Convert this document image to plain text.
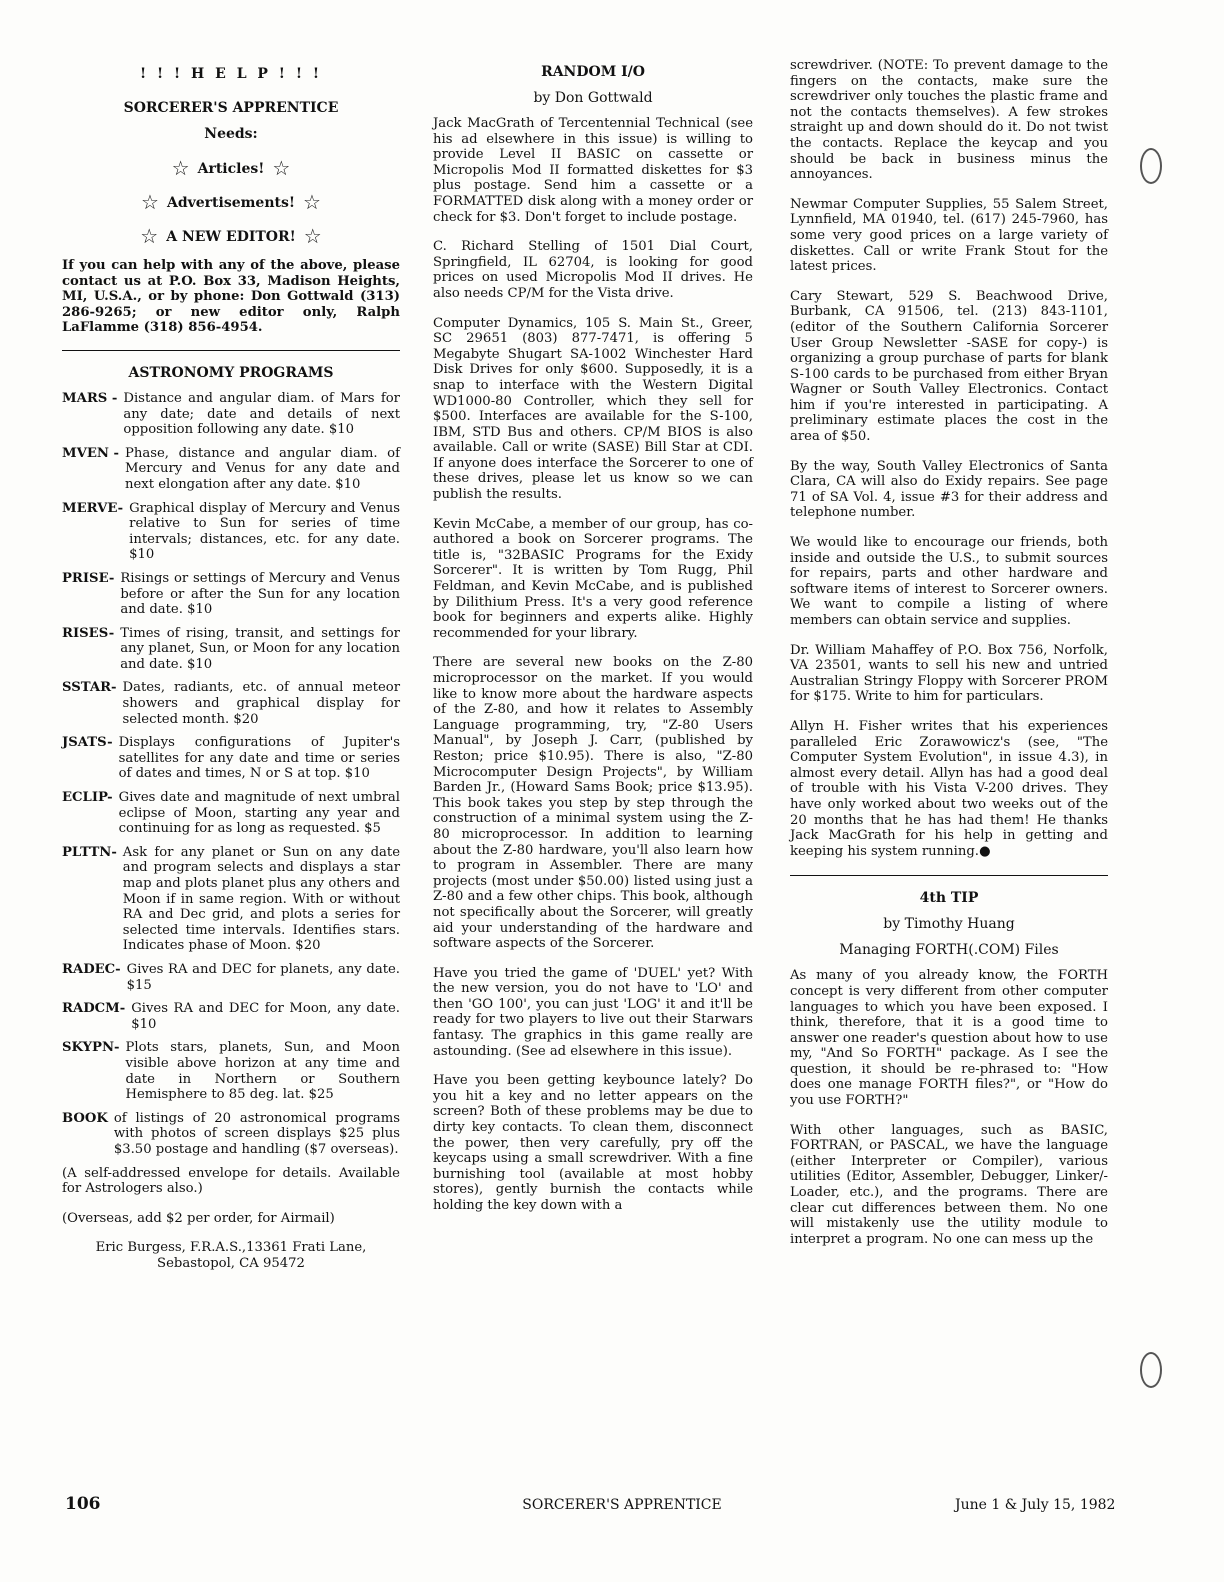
! ! ! H E L P ! ! !
SORCERER'S APPRENTICE
Needs:
☆ Articles! ☆
☆ Advertisements! ☆
☆ A NEW EDITOR! ☆

If you can help with any of the above, please contact us at P.O. Box 33, Madison Heights, MI, U.S.A., or by phone: Don Gottwald (313) 286-9265; or new editor only, Ralph LaFlamme (318) 856-4954.

ASTRONOMY PROGRAMS
MARS - Distance and angular diam. of Mars for any date; date and details of next opposition following any date. $10
MVEN - Phase, distance and angular diam. of Mercury and Venus for any date and next elongation after any date. $10
MERVE- Graphical display of Mercury and Venus relative to Sun for series of time intervals; distances, etc. for any date. $10
PRISE- Risings or settings of Mercury and Venus before or after the Sun for any location and date. $10
RISES- Times of rising, transit, and settings for any planet, Sun, or Moon for any location and date. $10
SSTAR- Dates, radiants, etc. of annual meteor showers and graphical display for selected month. $20
JSATS- Displays configurations of Jupiter's satellites for any date and time or series of dates and times, N or S at top. $10
ECLIP- Gives date and magnitude of next umbral eclipse of Moon, starting any year and continuing for as long as requested. $5
PLTTN- Ask for any planet or Sun on any date and program selects and displays a star map and plots planet plus any others and Moon if in same region. With or without RA and Dec grid, and plots a series for selected time intervals. Identifies stars. Indicates phase of Moon. $20
RADEC- Gives RA and DEC for planets, any date. $15
RADCM- Gives RA and DEC for Moon, any date. $10
SKYPN- Plots stars, planets, Sun, and Moon visible above horizon at any time and date in Northern or Southern Hemisphere to 85 deg. lat. $25
BOOK of listings of 20 astronomical programs with photos of screen displays $25 plus $3.50 postage and handling ($7 overseas).

(A self-addressed envelope for details. Available for Astrologers also.)

(Overseas, add $2 per order, for Airmail)

Eric Burgess, F.R.A.S.,13361 Frati Lane, Sebastopol, CA 95472

RANDOM I/O
by Don Gottwald

Jack MacGrath of Tercentennial Technical (see his ad elsewhere in this issue) is willing to provide Level II BASIC on cassette or Micropolis Mod II formatted diskettes for $3 plus postage. Send him a cassette or a FORMATTED disk along with a money order or check for $3. Don't forget to include postage.

C. Richard Stelling of 1501 Dial Court, Springfield, IL 62704, is looking for good prices on used Micropolis Mod II drives. He also needs CP/M for the Vista drive.

Computer Dynamics, 105 S. Main St., Greer, SC 29651 (803) 877-7471, is offering 5 Megabyte Shugart SA-1002 Winchester Hard Disk Drives for only $600. Supposedly, it is a snap to interface with the Western Digital WD1000-80 Controller, which they sell for $500. Interfaces are available for the S-100, IBM, STD Bus and others. CP/M BIOS is also available. Call or write (SASE) Bill Star at CDI. If anyone does interface the Sorcerer to one of these drives, please let us know so we can publish the results.

Kevin McCabe, a member of our group, has co-authored a book on Sorcerer programs. The title is, "32BASIC Programs for the Exidy Sorcerer". It is written by Tom Rugg, Phil Feldman, and Kevin McCabe, and is published by Dilithium Press. It's a very good reference book for beginners and experts alike. Highly recommended for your library.

There are several new books on the Z-80 microprocessor on the market. If you would like to know more about the hardware aspects of the Z-80, and how it relates to Assembly Language programming, try, "Z-80 Users Manual", by Joseph J. Carr, (published by Reston; price $10.95). There is also, "Z-80 Microcomputer Design Projects", by William Barden Jr., (Howard Sams Book; price $13.95). This book takes you step by step through the construction of a minimal system using the Z-80 microprocessor. In addition to learning about the Z-80 hardware, you'll also learn how to program in Assembler. There are many projects (most under $50.00) listed using just a Z-80 and a few other chips. This book, although not specifically about the Sorcerer, will greatly aid your understanding of the hardware and software aspects of the Sorcerer.

Have you tried the game of 'DUEL' yet? With the new version, you do not have to 'LO' and then 'GO 100', you can just 'LOG' it and it'll be ready for two players to live out their Starwars fantasy. The graphics in this game really are astounding. (See ad elsewhere in this issue).

Have you been getting keybounce lately? Do you hit a key and no letter appears on the screen? Both of these problems may be due to dirty key contacts. To clean them, disconnect the power, then very carefully, pry off the keycaps using a small screwdriver. With a fine burnishing tool (available at most hobby stores), gently burnish the contacts while holding the key down with a

screwdriver. (NOTE: To prevent damage to the fingers on the contacts, make sure the screwdriver only touches the plastic frame and not the contacts themselves). A few strokes straight up and down should do it. Do not twist the contacts. Replace the keycap and you should be back in business minus the annoyances.

Newmar Computer Supplies, 55 Salem Street, Lynnfield, MA 01940, tel. (617) 245-7960, has some very good prices on a large variety of diskettes. Call or write Frank Stout for the latest prices.

Cary Stewart, 529 S. Beachwood Drive, Burbank, CA 91506, tel. (213) 843-1101, (editor of the Southern California Sorcerer User Group Newsletter -SASE for copy-) is organizing a group purchase of parts for blank S-100 cards to be purchased from either Bryan Wagner or South Valley Electronics. Contact him if you're interested in participating. A preliminary estimate places the cost in the area of $50.

By the way, South Valley Electronics of Santa Clara, CA will also do Exidy repairs. See page 71 of SA Vol. 4, issue #3 for their address and telephone number.

We would like to encourage our friends, both inside and outside the U.S., to submit sources for repairs, parts and other hardware and software items of interest to Sorcerer owners. We want to compile a listing of where members can obtain service and supplies.

Dr. William Mahaffey of P.O. Box 756, Norfolk, VA 23501, wants to sell his new and untried Australian Stringy Floppy with Sorcerer PROM for $175. Write to him for particulars.

Allyn H. Fisher writes that his experiences paralleled Eric Zorawowicz's (see, "The Computer System Evolution", in issue 4.3), in almost every detail. Allyn has had a good deal of trouble with his Vista V-200 drives. They have only worked about two weeks out of the 20 months that he has had them! He thanks Jack MacGrath for his help in getting and keeping his system running.●

4th TIP
by Timothy Huang
Managing FORTH(.COM) Files

As many of you already know, the FORTH concept is very different from other computer languages to which you have been exposed. I think, therefore, that it is a good time to answer one reader's question about how to use my, "And So FORTH" package. As I see the question, it should be re-phrased to: "How does one manage FORTH files?", or "How do you use FORTH?"

With other languages, such as BASIC, FORTRAN, or PASCAL, we have the language (either Interpreter or Compiler), various utilities (Editor, Assembler, Debugger, Linker/-Loader, etc.), and the programs. There are clear cut differences between them. No one will mistakenly use the utility module to interpret a program. No one can mess up the

106	SORCERER'S APPRENTICE	June 1 & July 15, 1982
